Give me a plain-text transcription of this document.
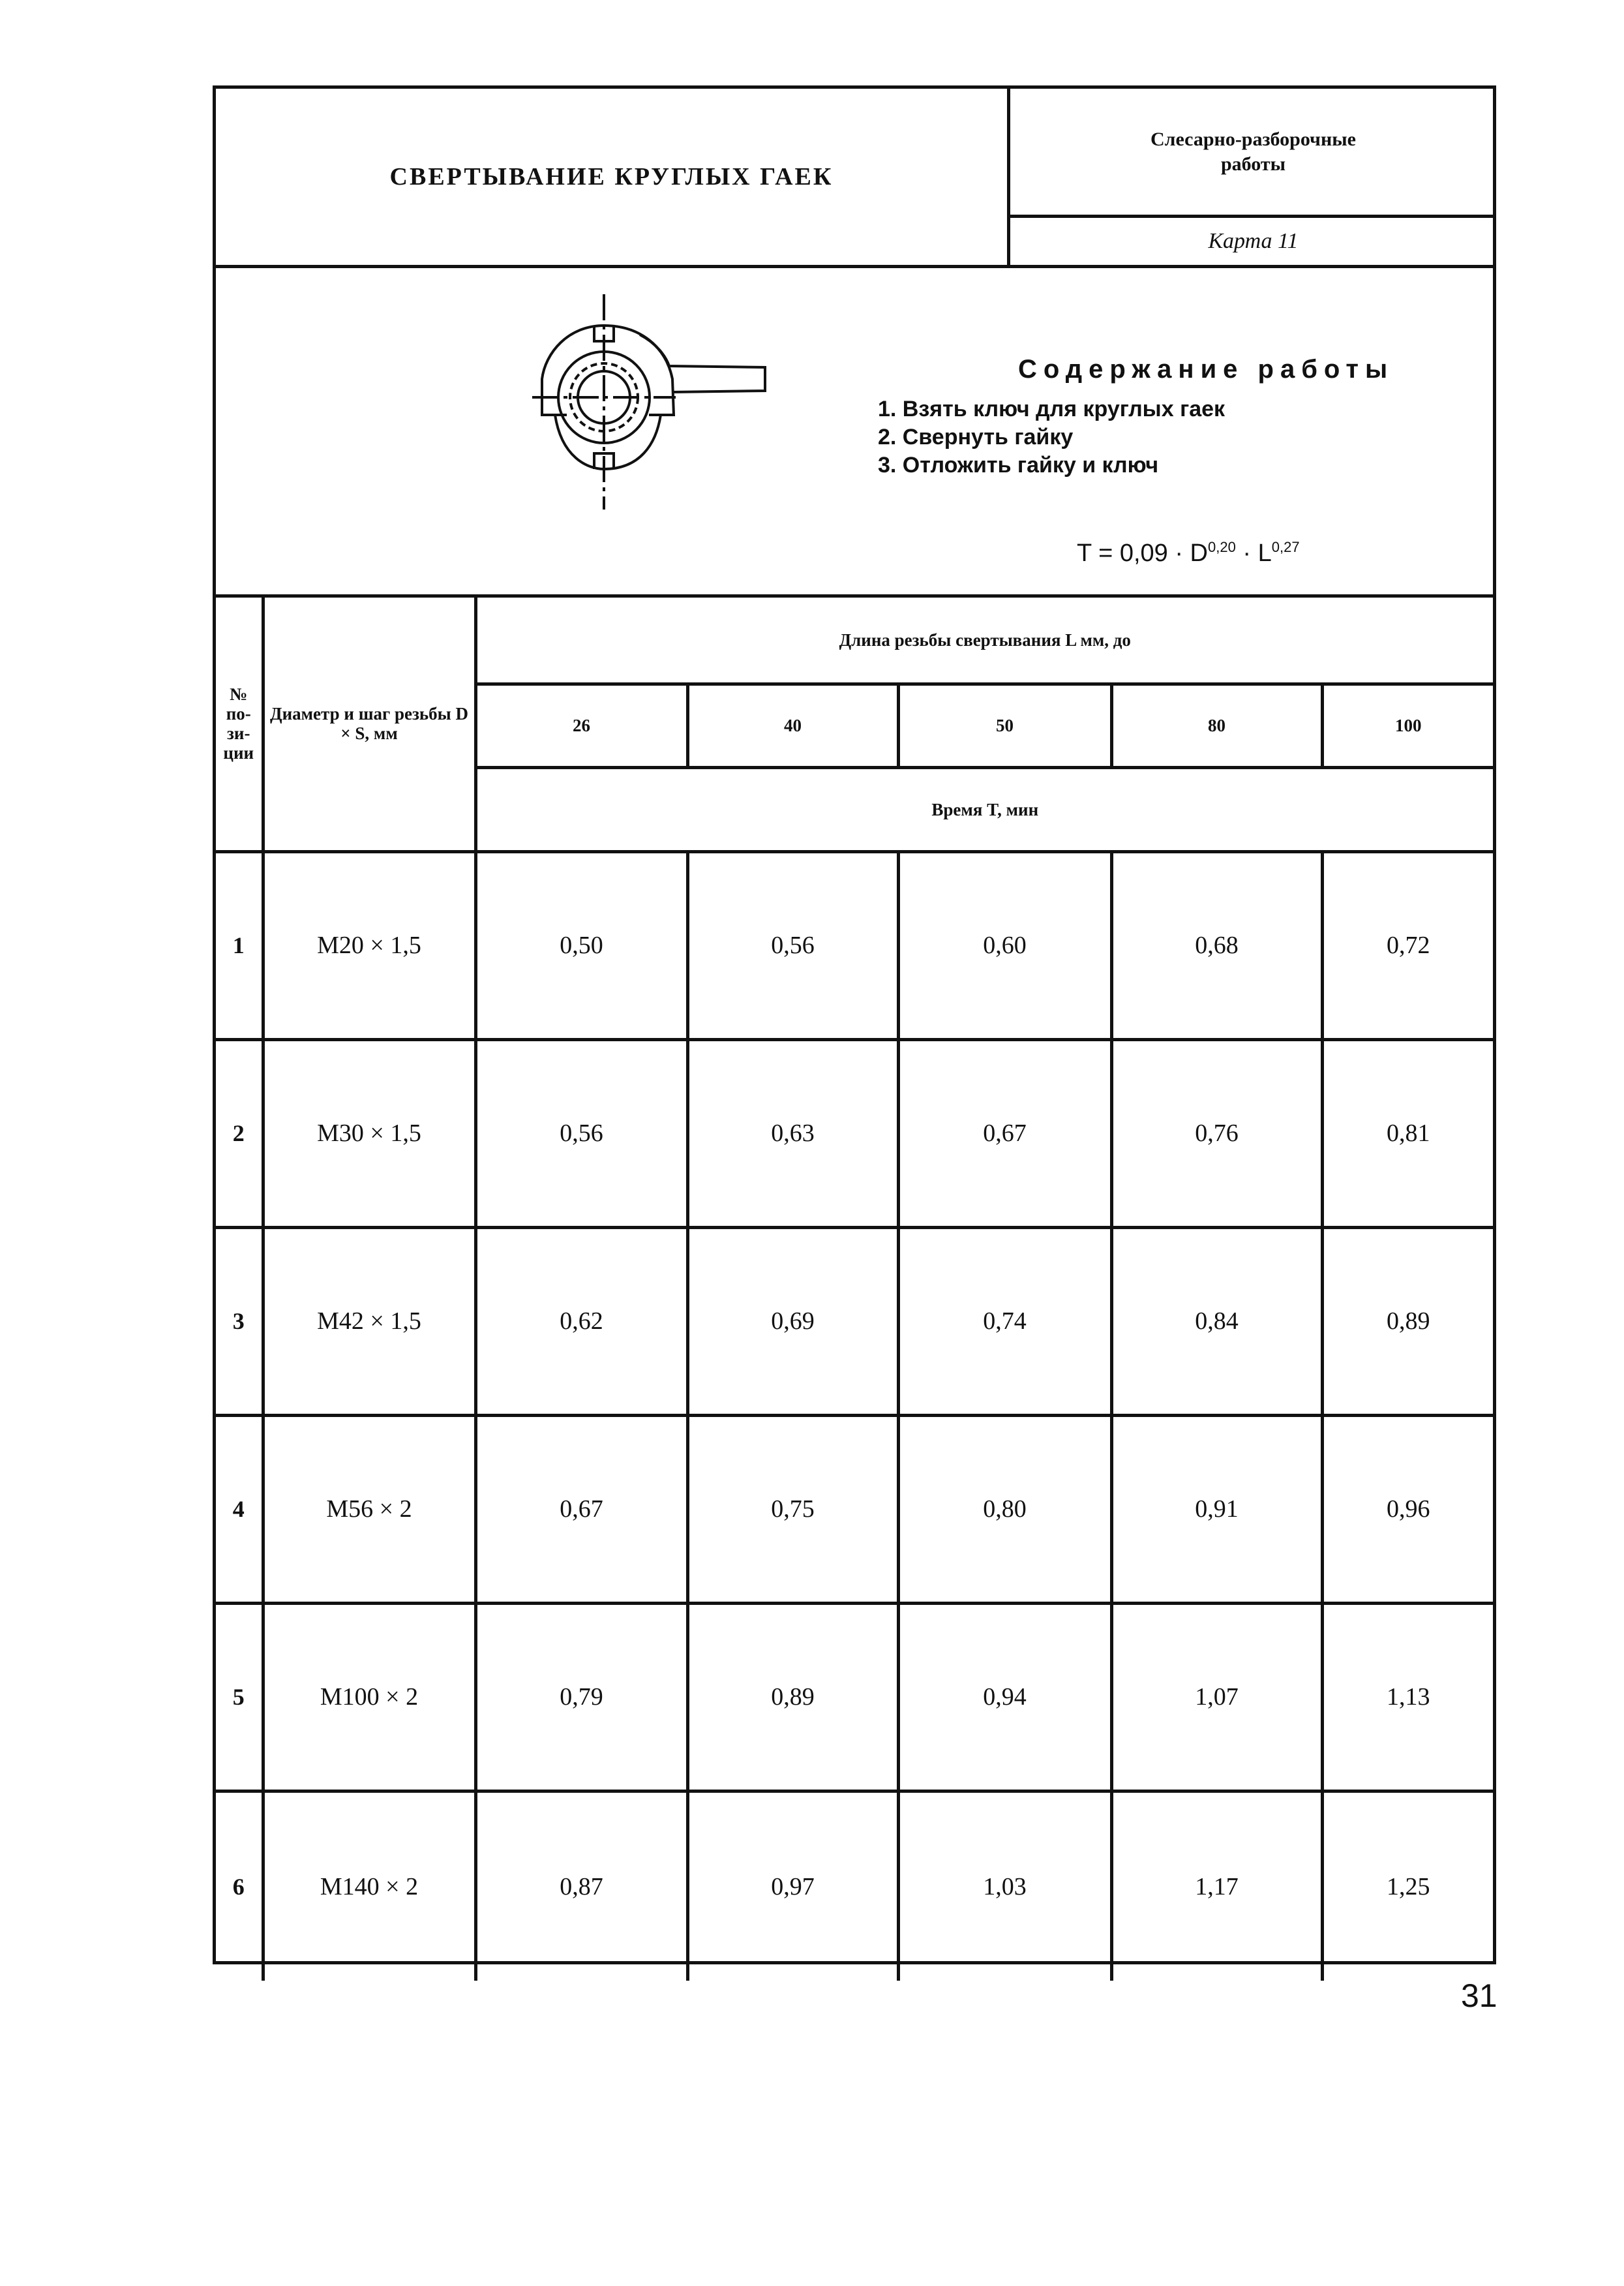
СВЕРТЫВАНИЕ КРУГЛЫХ ГАЕК
Слесарно-разборочные
работы
Карта 11
Содержание работы
1. Взять ключ для круглых гаек
2. Свернуть гайку
3. Отложить гайку и ключ
T = 0,09 · D$^{0,20}$ · L$^{0,27}$
№ по-зи-ции	Диаметр и шаг резьбы D × S, мм	Длина резьбы свертывания L мм, до				
		26	40	50	80	100
		Время T, мин				
1	M20 × 1,5	0,50	0,56	0,60	0,68	0,72
2	M30 × 1,5	0,56	0,63	0,67	0,76	0,81
3	M42 × 1,5	0,62	0,69	0,74	0,84	0,89
4	M56 × 2	0,67	0,75	0,80	0,91	0,96
5	M100 × 2	0,79	0,89	0,94	1,07	1,13
6	M140 × 2	0,87	0,97	1,03	1,17	1,25
31
